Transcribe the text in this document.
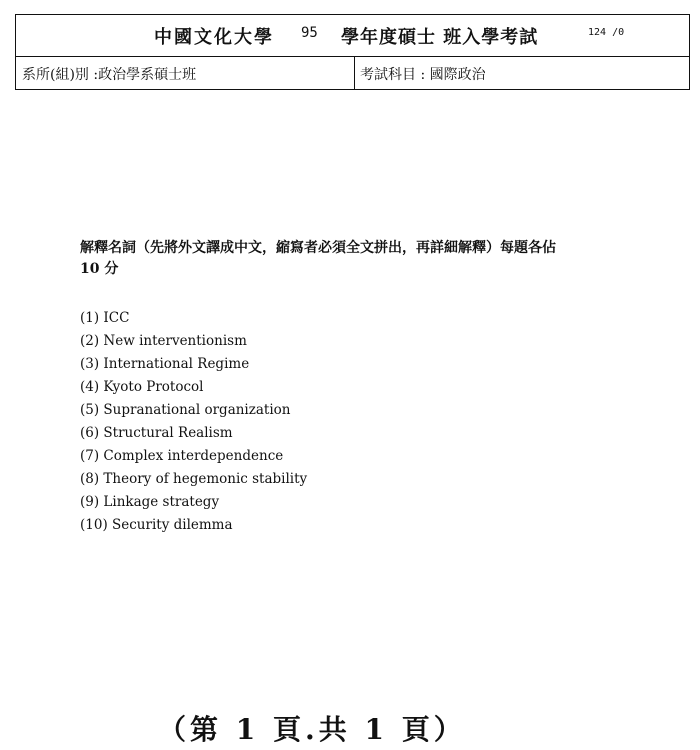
中國文化大學 95 學年度碩士 班入學考試	124 /0
系所(組)別 :政治學系碩士班	考試科目 : 國際政治
解釋名詞（先將外文譯成中文，縮寫者必須全文拼出，再詳細解釋）每題各佔
10 分
(1) ICC
(2) New interventionism
(3) International Regime
(4) Kyoto Protocol
(5) Supranational organization
(6) Structural Realism
(7) Complex interdependence
(8) Theory of hegemonic stability
(9) Linkage strategy
(10) Security dilemma
（第 1 頁.共 1 頁）
